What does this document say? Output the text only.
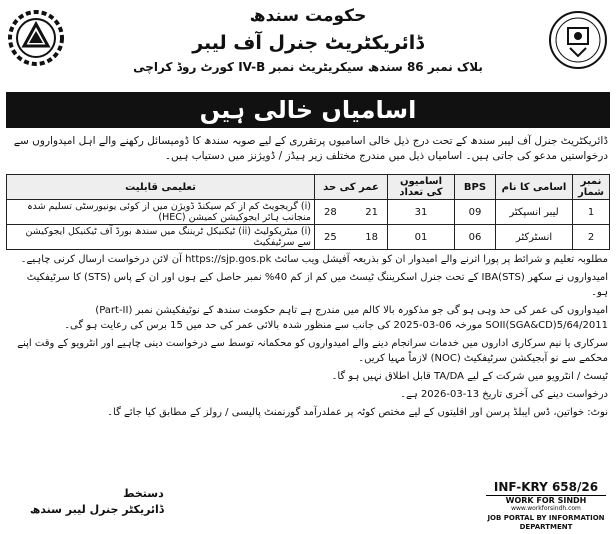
حکومت سندھ
ڈائریکٹریٹ جنرل آف لیبر
بلاک نمبر 86 سندھ سیکریٹریٹ نمبر IV-B کورٹ روڈ کراچی
اسامیاں خالی ہیں
ڈائریکٹریٹ جنرل آف لیبر سندھ کے تحت درج ذیل خالی اسامیوں پرتقرری کے لیے صوبہ سندھ کا ڈومیسائل رکھنے والے اہل امیدواروں سے درخواستیں مدعو کی جاتی ہیں۔ اسامیاں ذیل میں مندرج مختلف زیر ہیڈز / ڈویژنز میں دستیاب ہیں۔
نمبر شمار	اسامی کا نام	BPS	اسامیوں کی تعداد	عمر کی حد	تعلیمی قابلیت
1	لیبر انسپکٹر	09	31	28 21	(i) گریجویٹ کم از کم سیکنڈ ڈویژن میں از کوئی یونیورسٹی تسلیم شدہ منجانب ہائر ایجوکیشن کمیشن (HEC)
2	انسٹرکٹر	06	01	25 18	(i) میٹریکولیٹ (ii) ٹیکنیکل ٹریننگ میں سندھ بورڈ آف ٹیکنیکل ایجوکیشن سے سرٹیفکیٹ

مطلوبہ تعلیم و شرائط پر پورا اترنے والے امیدوار ان کو بذریعہ آفیشل ویب سائٹ https://sjp.gos.pk آن لائن درخواست ارسال کرنی چاہیے۔

امیدواروں نے سکھر IBA(STS) کے تحت جنرل اسکریننگ ٹیسٹ میں کم از کم 40% نمبر حاصل کیے ہوں اور ان کے پاس (STS) کا سرٹیفکیٹ ہو۔

امیدواروں کی عمر کی حد وہی ہو گی جو مذکورہ بالا کالم میں مندرج ہے تاہم حکومت سندھ کے نوٹیفکیشن نمبر (Part-II) SOII(SGA&CD)5/64/2011 مورخہ 06-03-2025 کی جانب سے منظور شدہ بالائی عمر کی حد میں 15 برس کی رعایت ہو گی۔

سرکاری یا نیم سرکاری اداروں میں خدمات سرانجام دینے والے امیدواروں کو محکمانہ توسط سے درخواست دینی چاہیے اور انٹرویو کے وقت اپنے محکمے سے نو آبجیکشن سرٹیفکیٹ (NOC) لازماً مہیا کریں۔

ٹیسٹ / انٹرویو میں شرکت کے لیے TA/DA قابل اطلاق نہیں ہو گا۔

درخواست دینے کی آخری تاریخ 13-03-2026 ہے۔

نوٹ: خواتین، ڈس ایبلڈ پرسن اور اقلیتوں کے لیے مختص کوٹہ پر عملدرآمد گورنمنٹ پالیسی / رولز کے مطابق کیا جائے گا۔

دستخط
ڈائریکٹر جنرل لیبر سندھ
INF-KRY 658/26
WORK FOR SINDH
www.workforsindh.com
JOB PORTAL BY INFORMATION DEPARTMENT
